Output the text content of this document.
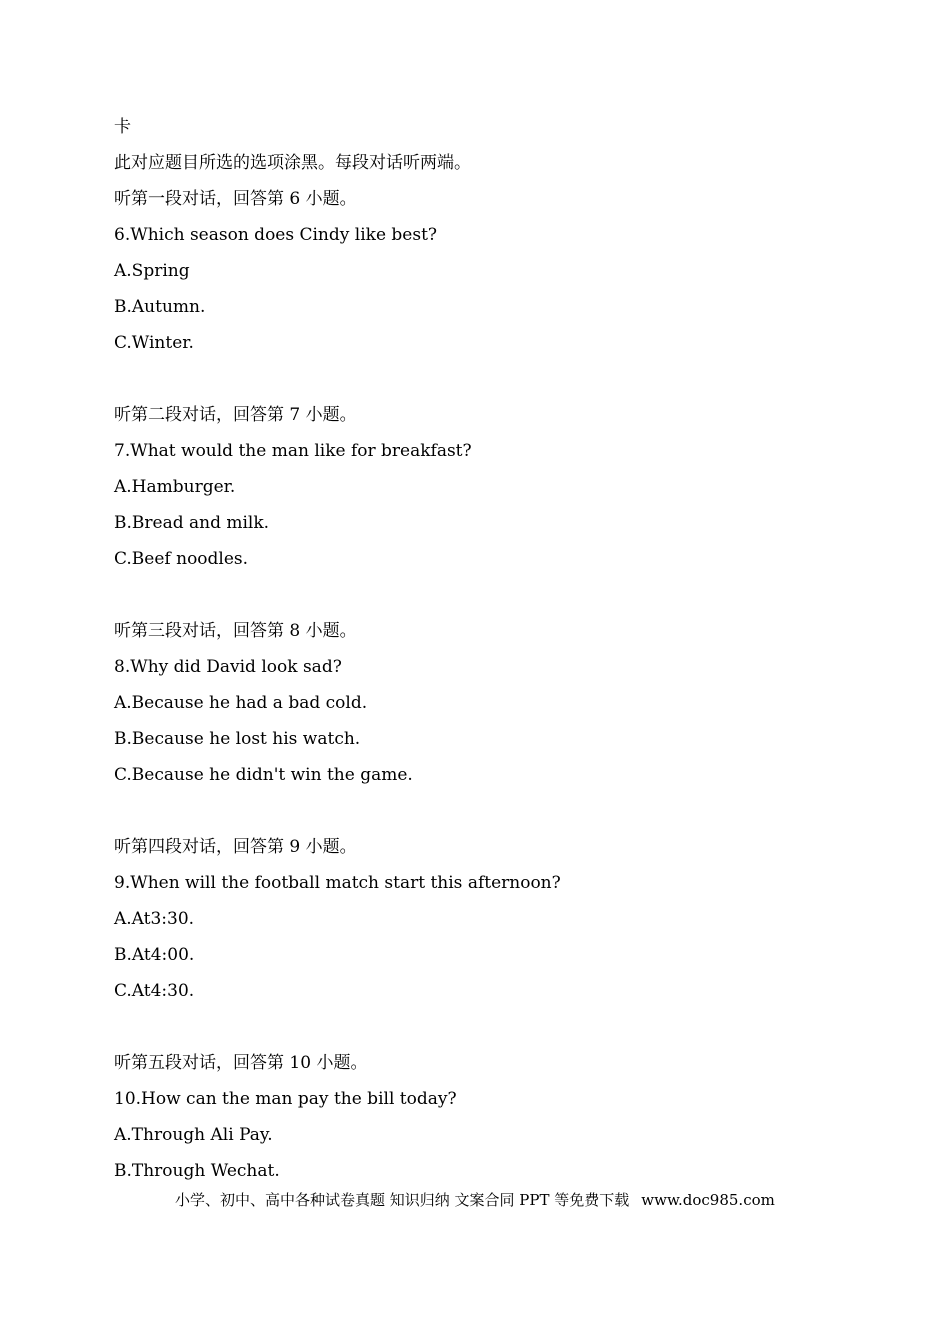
卡
此对应题目所选的选项涂黑。每段对话听两端。
听第一段对话，回答第 6 小题。
6.Which season does Cindy like best?
A.Spring
B.Autumn.
C.Winter.
听第二段对话，回答第 7 小题。
7.What would the man like for breakfast?
A.Hamburger.
B.Bread and milk.
C.Beef noodles.
听第三段对话，回答第 8 小题。
8.Why did David look sad?
A.Because he had a bad cold.
B.Because he lost his watch.
C.Because he didn't win the game.
听第四段对话，回答第 9 小题。
9.When will the football match start this afternoon?
A.At3:30.
B.At4:00.
C.At4:30.
听第五段对话，回答第 10 小题。
10.How can the man pay the bill today?
A.Through Ali Pay.
B.Through Wechat.
小学、初中、高中各种试卷真题 知识归纳 文案合同 PPT 等免费下载 www.doc985.com
